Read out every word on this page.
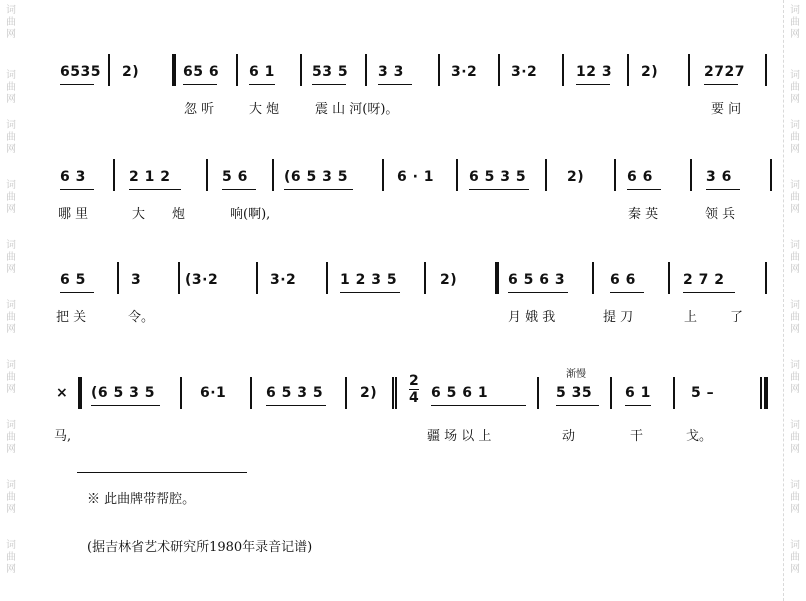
词
曲
网
词
曲
网
词
曲
网
词
曲
网
词
曲
网
词
曲
网
词
曲
网
词
曲
网
词
曲
网
词
曲
网
词
曲
网
词
曲
网
词
曲
网
词
曲
网
词
曲
网
词
曲
网
词
曲
网
词
曲
网
词
曲
网
词
曲
网
6535 2)	65 6 6 1	53 5 3 3	3·2 3·2	12 3 2)	2727
忽 听	大 炮	震 山 河(呀)。	要 问
6 3	2 1 2	5 6	(6 5 3 5	6 · 1 6 5 3 5	2)	6 6	3 6
哪 里	大 炮	响(啊),	秦 英	领 兵
6 5	3	(3·2	3·2	1 2 3 5	2)	6 5 6 3	6 6	2 7 2
把 关	令。	月 娥 我	提 刀	上	了
× (6 5 3 5	6·1	6 5 3 5	2)	6 5 6 1	5 35 6 1	5 –
2
4
渐慢
马,	疆 场 以 上	动	干	戈。
※ 此曲牌带帮腔。
(据吉林省艺术研究所1980年录音记谱)
